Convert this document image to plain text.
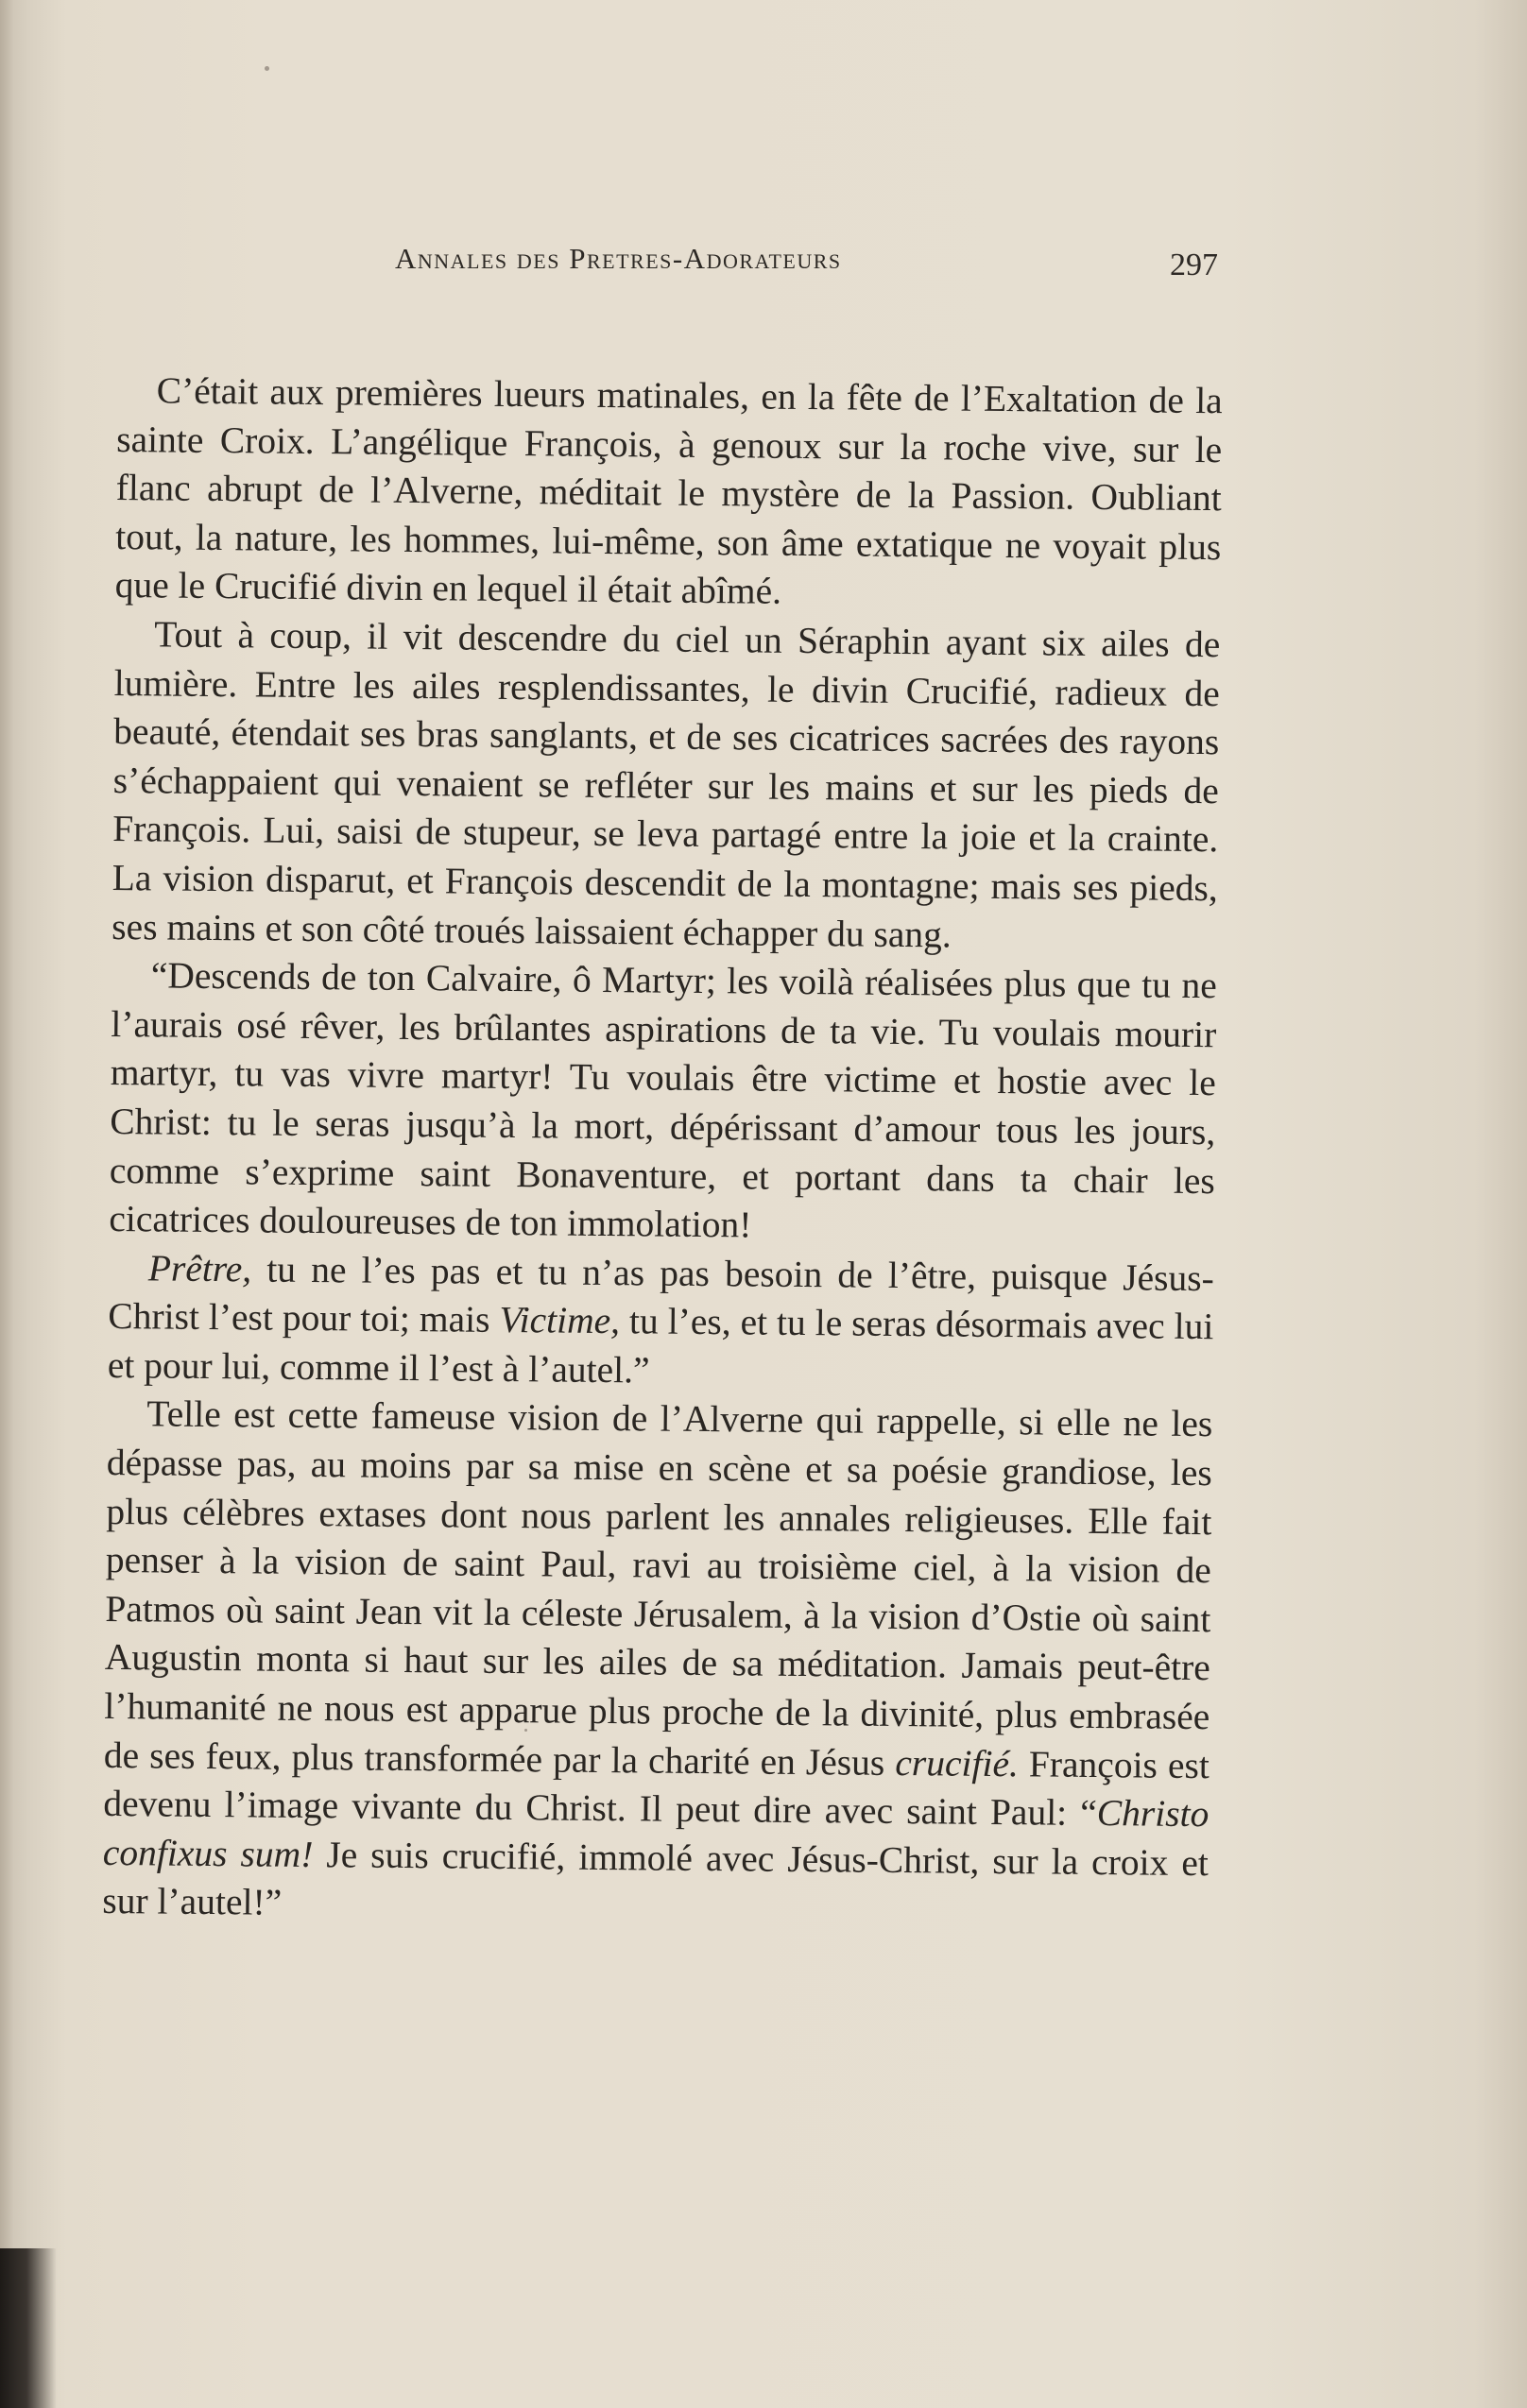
Annales des Pretres-Adorateurs	297

C’était aux premières lueurs matinales, en la fête de l’Exaltation de la sainte Croix. L’angélique François, à genoux sur la roche vive, sur le flanc abrupt de l’Alverne, méditait le mystère de la Passion. Oubliant tout, la nature, les hommes, lui-même, son âme extatique ne voyait plus que le Crucifié divin en lequel il était abîmé.

Tout à coup, il vit descendre du ciel un Séraphin ayant six ailes de lumière. Entre les ailes resplendissantes, le divin Crucifié, radieux de beauté, étendait ses bras sanglants, et de ses cicatrices sacrées des rayons s’échappaient qui venaient se refléter sur les mains et sur les pieds de François. Lui, saisi de stupeur, se leva partagé entre la joie et la crainte. La vision disparut, et François descendit de la montagne; mais ses pieds, ses mains et son côté troués laissaient échapper du sang.

“Descends de ton Calvaire, ô Martyr; les voilà réalisées plus que tu ne l’aurais osé rêver, les brûlantes aspirations de ta vie. Tu voulais mourir martyr, tu vas vivre martyr! Tu voulais être victime et hostie avec le Christ: tu le seras jusqu’à la mort, dépérissant d’amour tous les jours, comme s’exprime saint Bonaventure, et portant dans ta chair les cicatrices douloureuses de ton immolation!

Prêtre, tu ne l’es pas et tu n’as pas besoin de l’être, puisque Jésus-Christ l’est pour toi; mais Victime, tu l’es, et tu le seras désormais avec lui et pour lui, comme il l’est à l’autel.”

Telle est cette fameuse vision de l’Alverne qui rappelle, si elle ne les dépasse pas, au moins par sa mise en scène et sa poésie grandiose, les plus célèbres extases dont nous parlent les annales religieuses. Elle fait penser à la vision de saint Paul, ravi au troisième ciel, à la vision de Patmos où saint Jean vit la céleste Jérusalem, à la vision d’Ostie où saint Augustin monta si haut sur les ailes de sa méditation. Jamais peut-être l’humanité ne nous est apparue plus proche de la divinité, plus embrasée de ses feux, plus transformée par la charité en Jésus crucifié. François est devenu l’image vivante du Christ. Il peut dire avec saint Paul: “Christo confixus sum! Je suis crucifié, immolé avec Jésus-Christ, sur la croix et sur l’autel!”
